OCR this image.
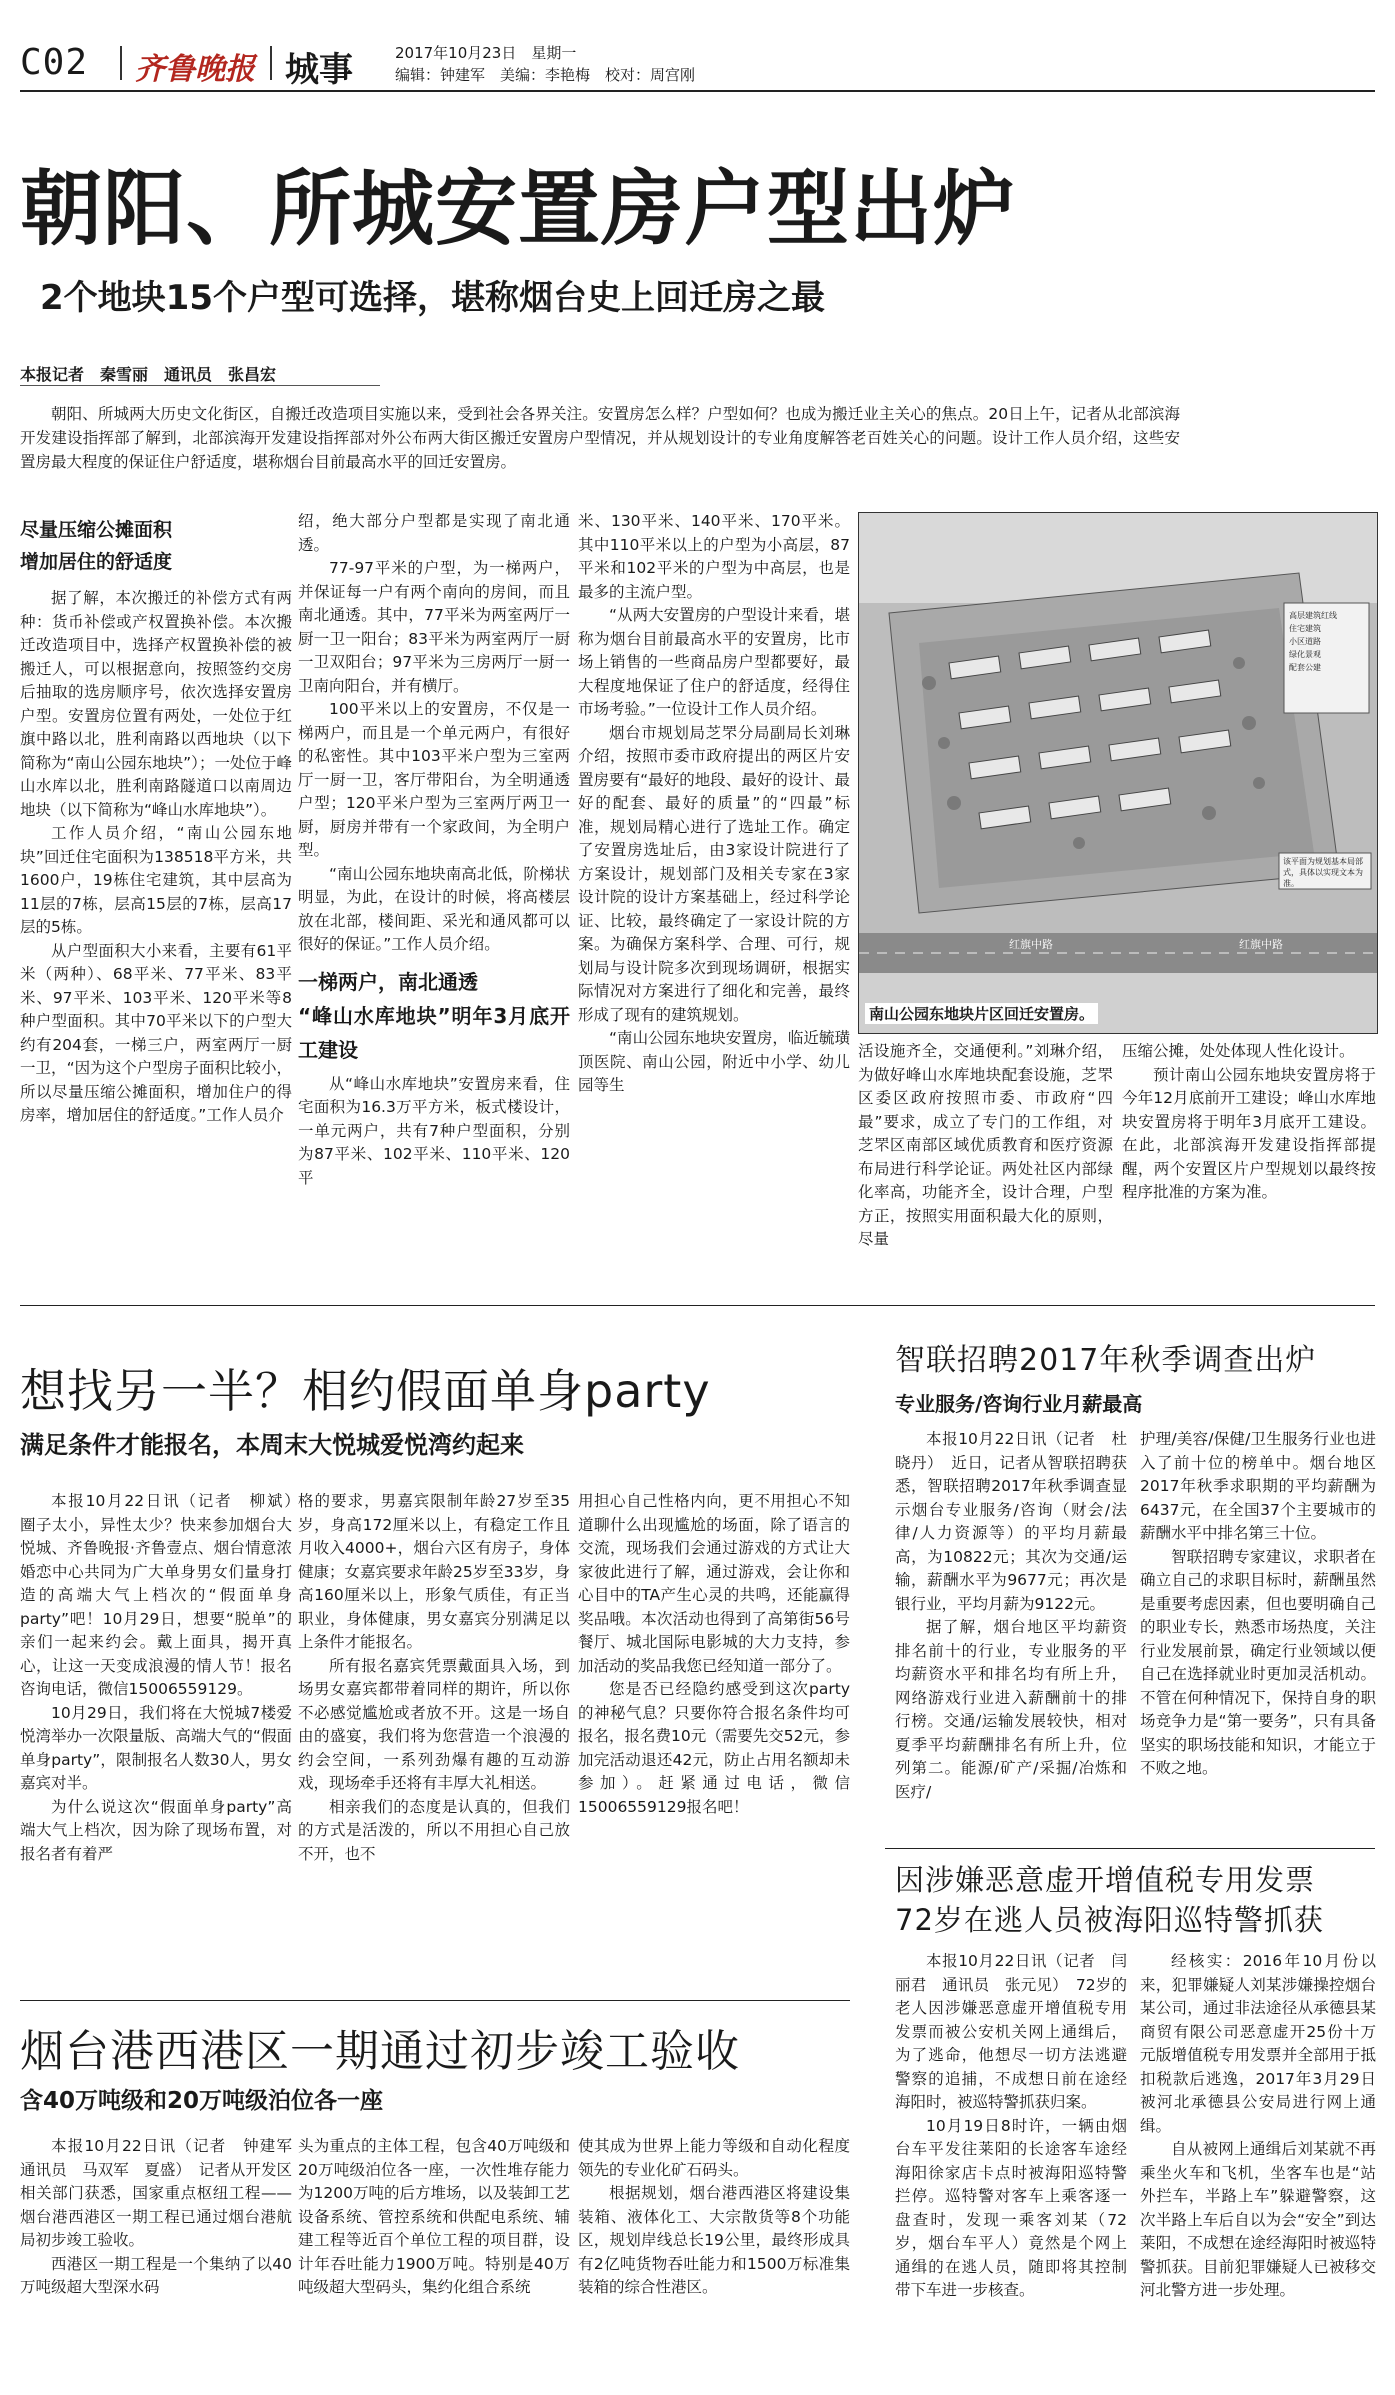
C02 齐鲁晚报 城事	2017年10月23日　星期一
编辑：钟建军　美编：李艳梅　校对：周宫刚
朝阳、所城安置房户型出炉
2个地块15个户型可选择，堪称烟台史上回迁房之最
本报记者　秦雪丽　通讯员　张昌宏

朝阳、所城两大历史文化街区，自搬迁改造项目实施以来，受到社会各界关注。安置房怎么样？户型如何？也成为搬迁业主关心的焦点。20日上午，记者从北部滨海开发建设指挥部了解到，北部滨海开发建设指挥部对外公布两大街区搬迁安置房户型情况，并从规划设计的专业角度解答老百姓关心的问题。设计工作人员介绍，这些安置房最大程度的保证住户舒适度，堪称烟台目前最高水平的回迁安置房。

尽量压缩公摊面积
增加居住的舒适度

据了解，本次搬迁的补偿方式有两种：货币补偿或产权置换补偿。本次搬迁改造项目中，选择产权置换补偿的被搬迁人，可以根据意向，按照签约交房后抽取的选房顺序号，依次选择安置房户型。安置房位置有两处，一处位于红旗中路以北，胜利南路以西地块（以下简称为“南山公园东地块”）；一处位于峰山水库以北，胜利南路隧道口以南周边地块（以下简称为“峰山水库地块”）。

工作人员介绍，“南山公园东地块”回迁住宅面积为138518平方米，共1600户，19栋住宅建筑，其中层高为11层的7栋，层高15层的7栋，层高17层的5栋。

从户型面积大小来看，主要有61平米（两种）、68平米、77平米、83平米、97平米、103平米、120平米等8种户型面积。其中70平米以下的户型大约有204套，一梯三户，两室两厅一厨一卫，“因为这个户型房子面积比较小，所以尽量压缩公摊面积，增加住户的得房率，增加居住的舒适度。”工作人员介

绍，绝大部分户型都是实现了南北通透。

77-97平米的户型，为一梯两户，并保证每一户有两个南向的房间，而且南北通透。其中，77平米为两室两厅一厨一卫一阳台；83平米为两室两厅一厨一卫双阳台；97平米为三房两厅一厨一卫南向阳台，并有横厅。

100平米以上的安置房，不仅是一梯两户，而且是一个单元两户，有很好的私密性。其中103平米户型为三室两厅一厨一卫，客厅带阳台，为全明通透户型；120平米户型为三室两厅两卫一厨，厨房并带有一个家政间，为全明户型。

“南山公园东地块南高北低，阶梯状明显，为此，在设计的时候，将高楼层放在北部，楼间距、采光和通风都可以很好的保证。”工作人员介绍。

一梯两户，南北通透
“峰山水库地块”明年3月底开工建设

从“峰山水库地块”安置房来看，住宅面积为16.3万平方米，板式楼设计，一单元两户，共有7种户型面积，分别为87平米、102平米、110平米、120平

米、130平米、140平米、170平米。其中110平米以上的户型为小高层，87平米和102平米的户型为中高层，也是最多的主流户型。

“从两大安置房的户型设计来看，堪称为烟台目前最高水平的安置房，比市场上销售的一些商品房户型都要好，最大程度地保证了住户的舒适度，经得住市场考验。”一位设计工作人员介绍。

烟台市规划局芝罘分局副局长刘琳介绍，按照市委市政府提出的两区片安置房要有“最好的地段、最好的设计、最好的配套、最好的质量”的“四最”标准，规划局精心进行了选址工作。确定了安置房选址后，由3家设计院进行了方案设计，规划部门及相关专家在3家设计院的设计方案基础上，经过科学论证、比较，最终确定了一家设计院的方案。为确保方案科学、合理、可行，规划局与设计院多次到现场调研，根据实际情况对方案进行了细化和完善，最终形成了现有的建筑规划。

“南山公园东地块安置房，临近毓璜顶医院、南山公园，附近中小学、幼儿园等生

高层建筑红线
住宅建筑
小区道路
绿化景观
配套公建
该平面为规划基本局部式，具体以实现文本为准。
红旗中路	红旗中路
南山公园东地块片区回迁安置房。

活设施齐全，交通便利。”刘琳介绍，为做好峰山水库地块配套设施，芝罘区委区政府按照市委、市政府“四最”要求，成立了专门的工作组，对芝罘区南部区域优质教育和医疗资源布局进行科学论证。两处社区内部绿化率高，功能齐全，设计合理，户型方正，按照实用面积最大化的原则，尽量

压缩公摊，处处体现人性化设计。

预计南山公园东地块安置房将于今年12月底前开工建设；峰山水库地块安置房将于明年3月底开工建设。在此，北部滨海开发建设指挥部提醒，两个安置区片户型规划以最终按程序批准的方案为准。

想找另一半？相约假面单身party
满足条件才能报名，本周末大悦城爱悦湾约起来

本报10月22日讯（记者　柳斌）　圈子太小，异性太少？快来参加烟台大悦城、齐鲁晚报·齐鲁壹点、烟台情意浓婚恋中心共同为广大单身男女们量身打造的高端大气上档次的“假面单身party”吧！10月29日，想要“脱单”的亲们一起来约会。戴上面具，揭开真心，让这一天变成浪漫的情人节！报名咨询电话，微信15006559129。

10月29日，我们将在大悦城7楼爱悦湾举办一次限量版、高端大气的“假面单身party”，限制报名人数30人，男女嘉宾对半。

为什么说这次“假面单身party”高端大气上档次，因为除了现场布置，对报名者有着严

格的要求，男嘉宾限制年龄27岁至35岁，身高172厘米以上，有稳定工作且月收入4000+，烟台六区有房子，身体健康；女嘉宾要求年龄25岁至33岁，身高160厘米以上，形象气质佳，有正当职业，身体健康，男女嘉宾分别满足以上条件才能报名。

所有报名嘉宾凭票戴面具入场，到场男女嘉宾都带着同样的期许，所以你不必感觉尴尬或者放不开。这是一场自由的盛宴，我们将为您营造一个浪漫的约会空间，一系列劲爆有趣的互动游戏，现场牵手还将有丰厚大礼相送。

相亲我们的态度是认真的，但我们的方式是活泼的，所以不用担心自己放不开，也不

用担心自己性格内向，更不用担心不知道聊什么出现尴尬的场面，除了语言的交流，现场我们会通过游戏的方式让大家彼此进行了解，通过游戏，会让你和心目中的TA产生心灵的共鸣，还能赢得奖品哦。本次活动也得到了高第街56号餐厅、城北国际电影城的大力支持，参加活动的奖品我您已经知道一部分了。

您是否已经隐约感受到这次party的神秘气息？只要你符合报名条件均可报名，报名费10元（需要先交52元，参加完活动退还42元，防止占用名额却未参加）。赶紧通过电话，微信15006559129报名吧！

烟台港西港区一期通过初步竣工验收
含40万吨级和20万吨级泊位各一座

本报10月22日讯（记者　钟建军　通讯员　马双军　夏盛）　记者从开发区相关部门获悉，国家重点枢纽工程——烟台港西港区一期工程已通过烟台港航局初步竣工验收。

西港区一期工程是一个集纳了以40万吨级超大型深水码

头为重点的主体工程，包含40万吨级和20万吨级泊位各一座，一次性堆存能力为1200万吨的后方堆场，以及装卸工艺设备系统、管控系统和供配电系统、辅建工程等近百个单位工程的项目群，设计年吞吐能力1900万吨。特别是40万吨级超大型码头，集约化组合系统

使其成为世界上能力等级和自动化程度领先的专业化矿石码头。

根据规划，烟台港西港区将建设集装箱、液体化工、大宗散货等8个功能区，规划岸线总长19公里，最终形成具有2亿吨货物吞吐能力和1500万标准集装箱的综合性港区。

智联招聘2017年秋季调查出炉
专业服务/咨询行业月薪最高

本报10月22日讯（记者　杜晓丹）　近日，记者从智联招聘获悉，智联招聘2017年秋季调查显示烟台专业服务/咨询（财会/法律/人力资源等）的平均月薪最高，为10822元；其次为交通/运输，薪酬水平为9677元；再次是银行业，平均月薪为9122元。

据了解，烟台地区平均薪资排名前十的行业，专业服务的平均薪资水平和排名均有所上升，网络游戏行业进入薪酬前十的排行榜。交通/运输发展较快，相对夏季平均薪酬排名有所上升，位列第二。能源/矿产/采掘/冶炼和医疗/

护理/美容/保健/卫生服务行业也进入了前十位的榜单中。烟台地区2017年秋季求职期的平均薪酬为6437元，在全国37个主要城市的薪酬水平中排名第三十位。

智联招聘专家建议，求职者在确立自己的求职目标时，薪酬虽然是重要考虑因素，但也要明确自己的职业专长，熟悉市场热度，关注行业发展前景，确定行业领域以便自己在选择就业时更加灵活机动。不管在何种情况下，保持自身的职场竞争力是“第一要务”，只有具备坚实的职场技能和知识，才能立于不败之地。

因涉嫌恶意虚开增值税专用发票
72岁在逃人员被海阳巡特警抓获

本报10月22日讯（记者　闫丽君　通讯员　张元见）　72岁的老人因涉嫌恶意虚开增值税专用发票而被公安机关网上通缉后，为了逃命，他想尽一切方法逃避警察的追捕，不成想日前在途经海阳时，被巡特警抓获归案。

10月19日8时许，一辆由烟台车平发往莱阳的长途客车途经海阳徐家店卡点时被海阳巡特警拦停。巡特警对客车上乘客逐一盘查时，发现一乘客刘某（72岁，烟台车平人）竟然是个网上通缉的在逃人员，随即将其控制带下车进一步核查。

经核实：2016年10月份以来，犯罪嫌疑人刘某涉嫌操控烟台某公司，通过非法途径从承德县某商贸有限公司恶意虚开25份十万元版增值税专用发票并全部用于抵扣税款后逃逸，2017年3月29日被河北承德县公安局进行网上通缉。

自从被网上通缉后刘某就不再乘坐火车和飞机，坐客车也是“站外拦车，半路上车”躲避警察，这次半路上车后自以为会“安全”到达莱阳，不成想在途经海阳时被巡特警抓获。目前犯罪嫌疑人已被移交河北警方进一步处理。
